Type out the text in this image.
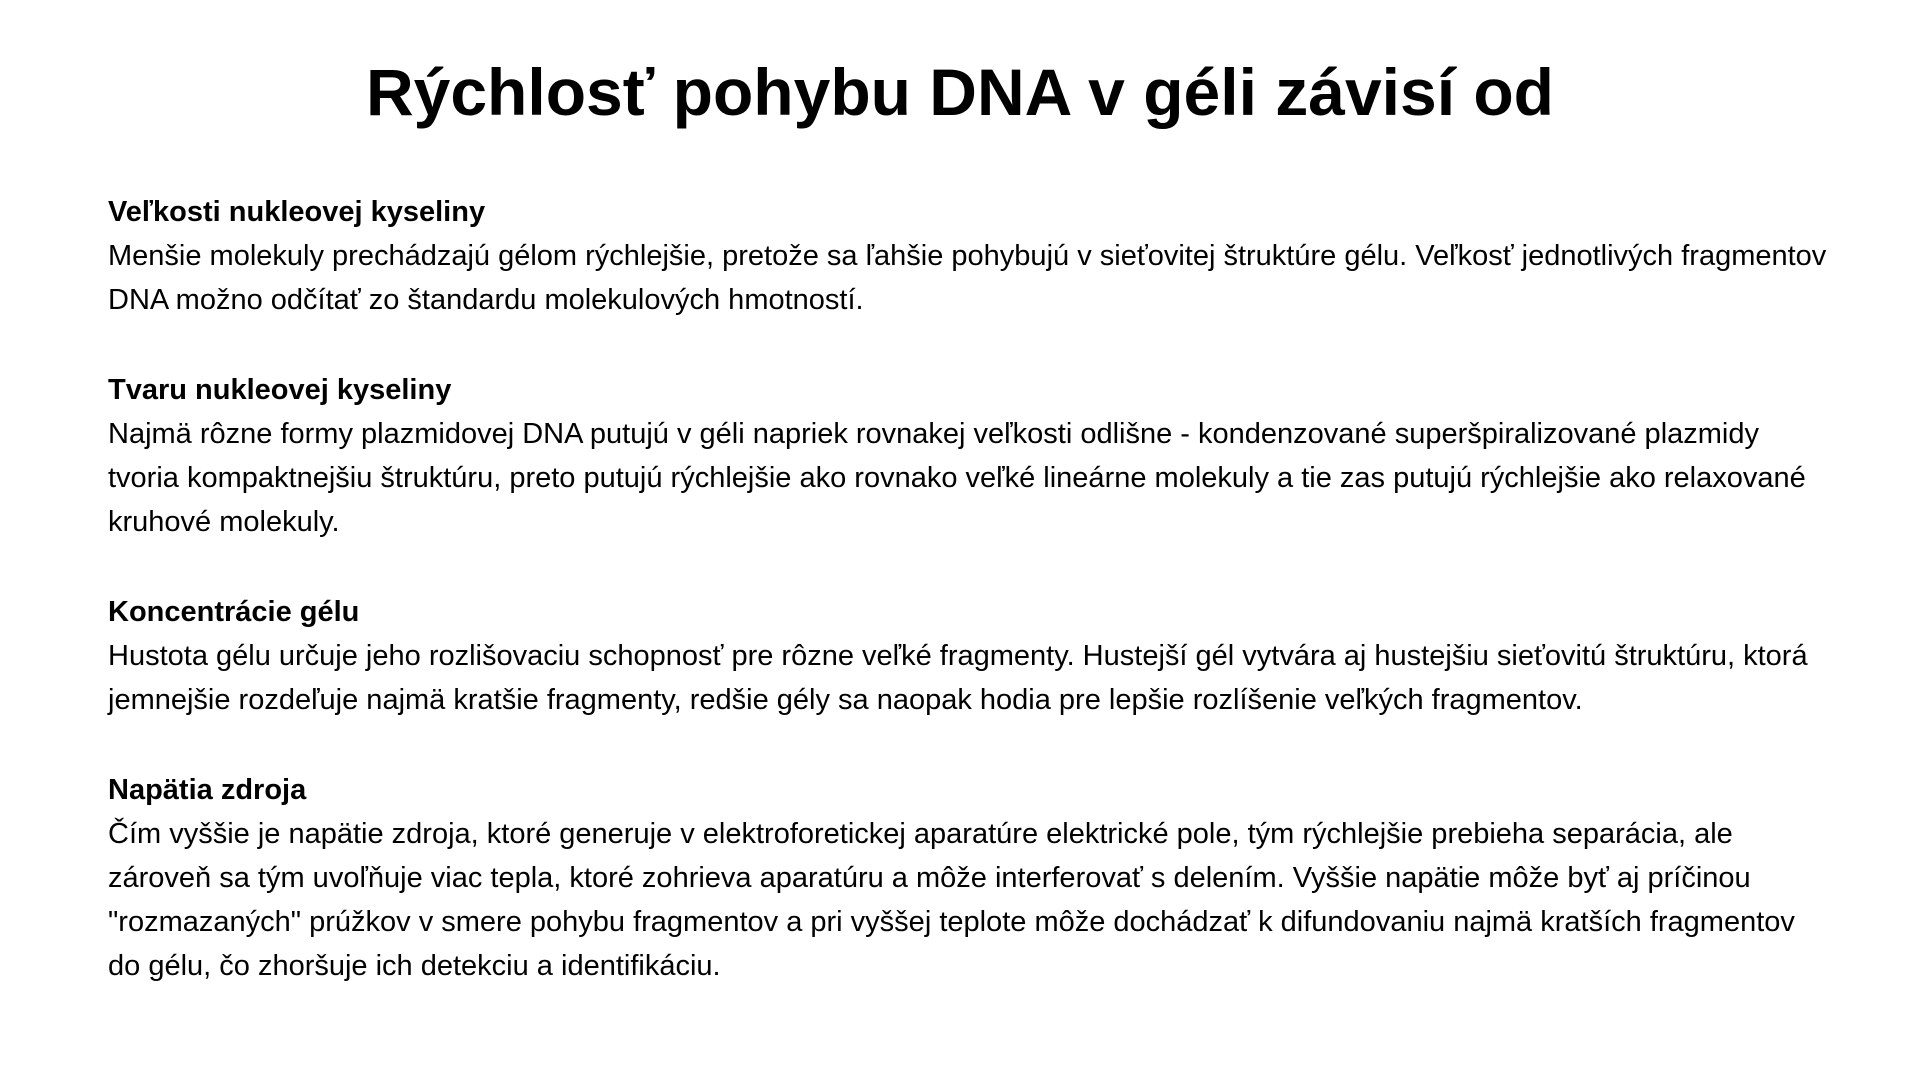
Rýchlosť pohybu DNA v géli závisí od

Veľkosti nukleovej kyseliny

Menšie molekuly prechádzajú gélom rýchlejšie, pretože sa ľahšie pohybujú v sieťovitej štruktúre gélu. Veľkosť jednotlivých fragmentov DNA možno odčítať zo štandardu molekulových hmotností.

Tvaru nukleovej kyseliny

Najmä rôzne formy plazmidovej DNA putujú v géli napriek rovnakej veľkosti odlišne - kondenzované superšpiralizované plazmidy tvoria kompaktnejšiu štruktúru, preto putujú rýchlejšie ako rovnako veľké lineárne molekuly a tie zas putujú rýchlejšie ako relaxované kruhové molekuly.

Koncentrácie gélu

Hustota gélu určuje jeho rozlišovaciu schopnosť pre rôzne veľké fragmenty. Hustejší gél vytvára aj hustejšiu sieťovitú štruktúru, ktorá jemnejšie rozdeľuje najmä kratšie fragmenty, redšie gély sa naopak hodia pre lepšie rozlíšenie veľkých fragmentov.

Napätia zdroja

Čím vyššie je napätie zdroja, ktoré generuje v elektroforetickej aparatúre elektrické pole, tým rýchlejšie prebieha separácia, ale zároveň sa tým uvoľňuje viac tepla, ktoré zohrieva aparatúru a môže interferovať s delením. Vyššie napätie môže byť aj príčinou "rozmazaných" prúžkov v smere pohybu fragmentov a pri vyššej teplote môže dochádzať k difundovaniu najmä kratších fragmentov do gélu, čo zhoršuje ich detekciu a identifikáciu.
